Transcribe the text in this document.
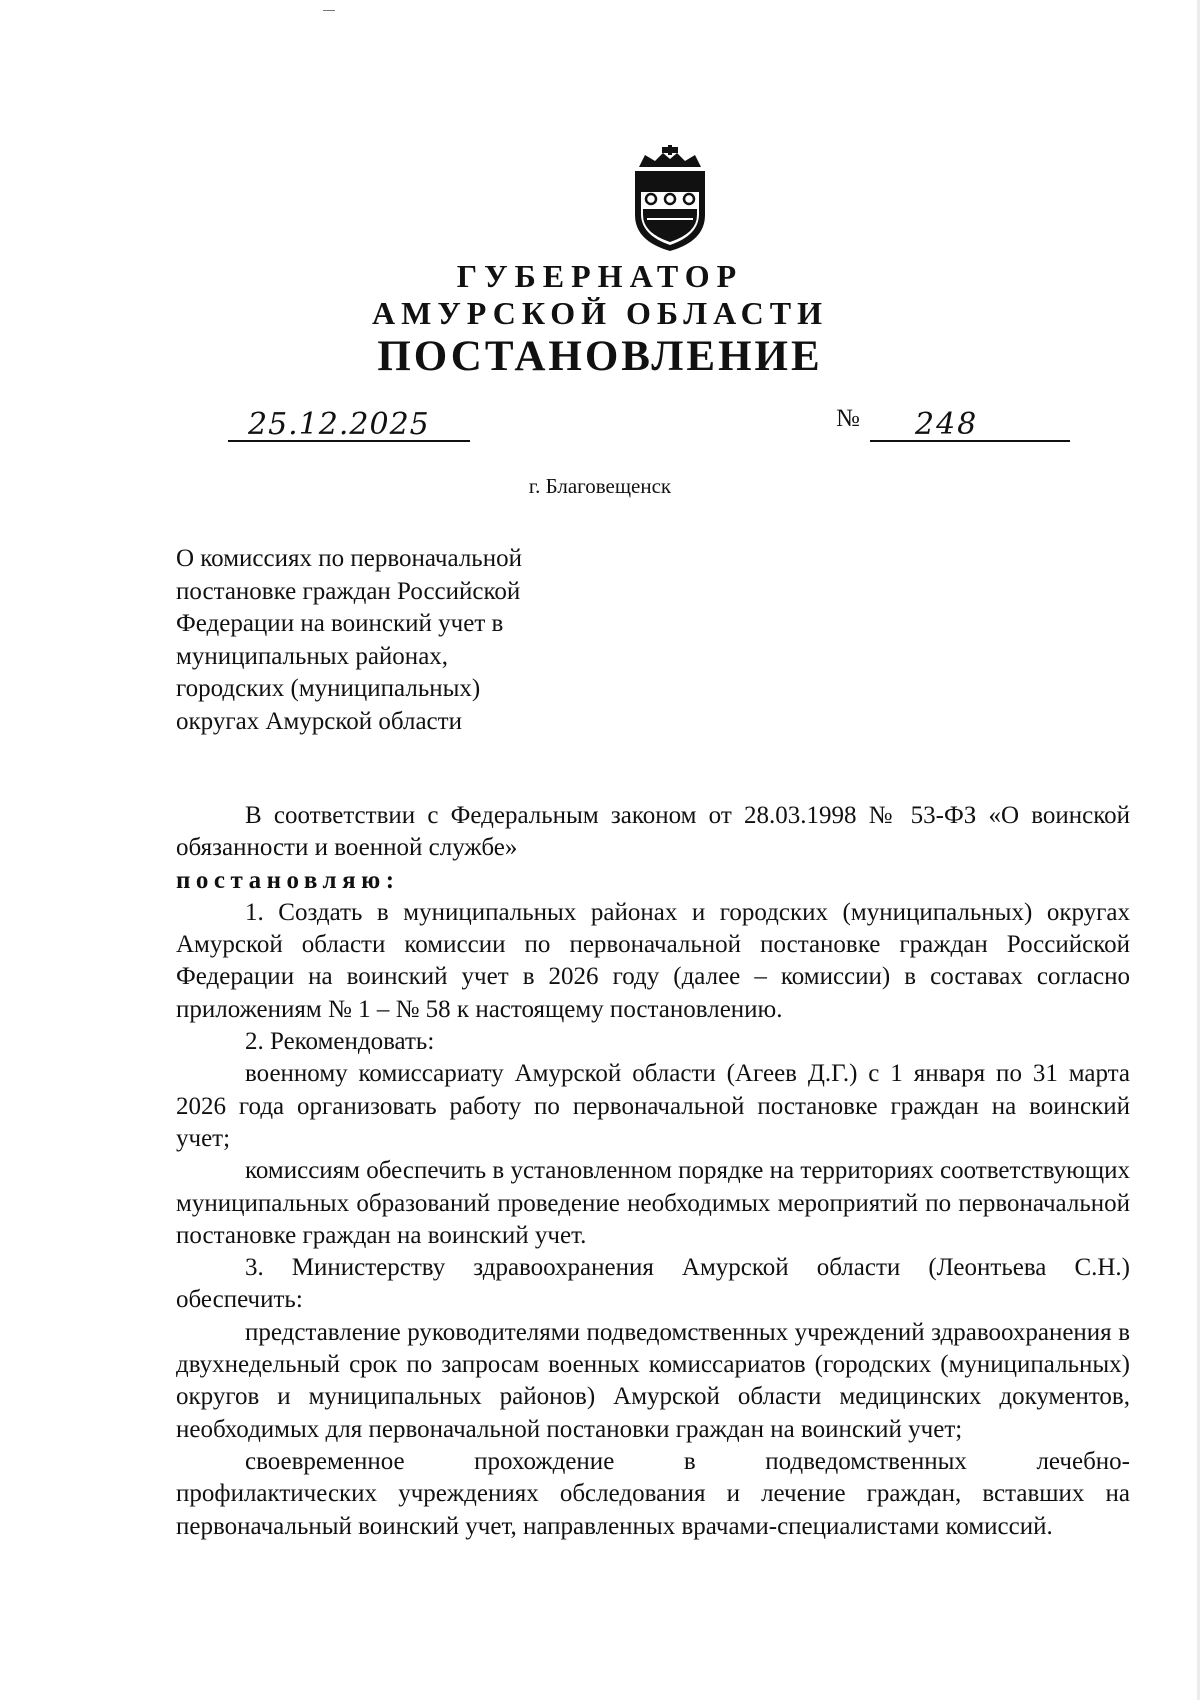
ГУБЕРНАТОР
АМУРСКОЙ ОБЛАСТИ
ПОСТАНОВЛЕНИЕ
25.12.2025	№ 248
г. Благовещенск
О комиссиях по первоначальной
постановке граждан Российской
Федерации на воинский учет в
муниципальных районах,
городских (муниципальных)
округах Амурской области

В соответствии с Федеральным законом от 28.03.1998 № 53-ФЗ «О воинской обязанности и военной службе»

постановляю:

1. Создать в муниципальных районах и городских (муниципальных) округах Амурской области комиссии по первоначальной постановке граждан Российской Федерации на воинский учет в 2026 году (далее – комиссии) в составах согласно приложениям № 1 – № 58 к настоящему постановлению.

2. Рекомендовать:

военному комиссариату Амурской области (Агеев Д.Г.) с 1 января по 31 марта 2026 года организовать работу по первоначальной постановке граждан на воинский учет;

комиссиям обеспечить в установленном порядке на территориях соответствующих муниципальных образований проведение необходимых мероприятий по первоначальной постановке граждан на воинский учет.

3. Министерству здравоохранения Амурской области (Леонтьева С.Н.) обеспечить:

представление руководителями подведомственных учреждений здравоохранения в двухнедельный срок по запросам военных комиссариатов (городских (муниципальных) округов и муниципальных районов) Амурской области медицинских документов, необходимых для первоначальной постановки граждан на воинский учет;

своевременное прохождение в подведомственных лечебно-

профилактических учреждениях обследования и лечение граждан, вставших на первоначальный воинский учет, направленных врачами-специалистами комиссий.
